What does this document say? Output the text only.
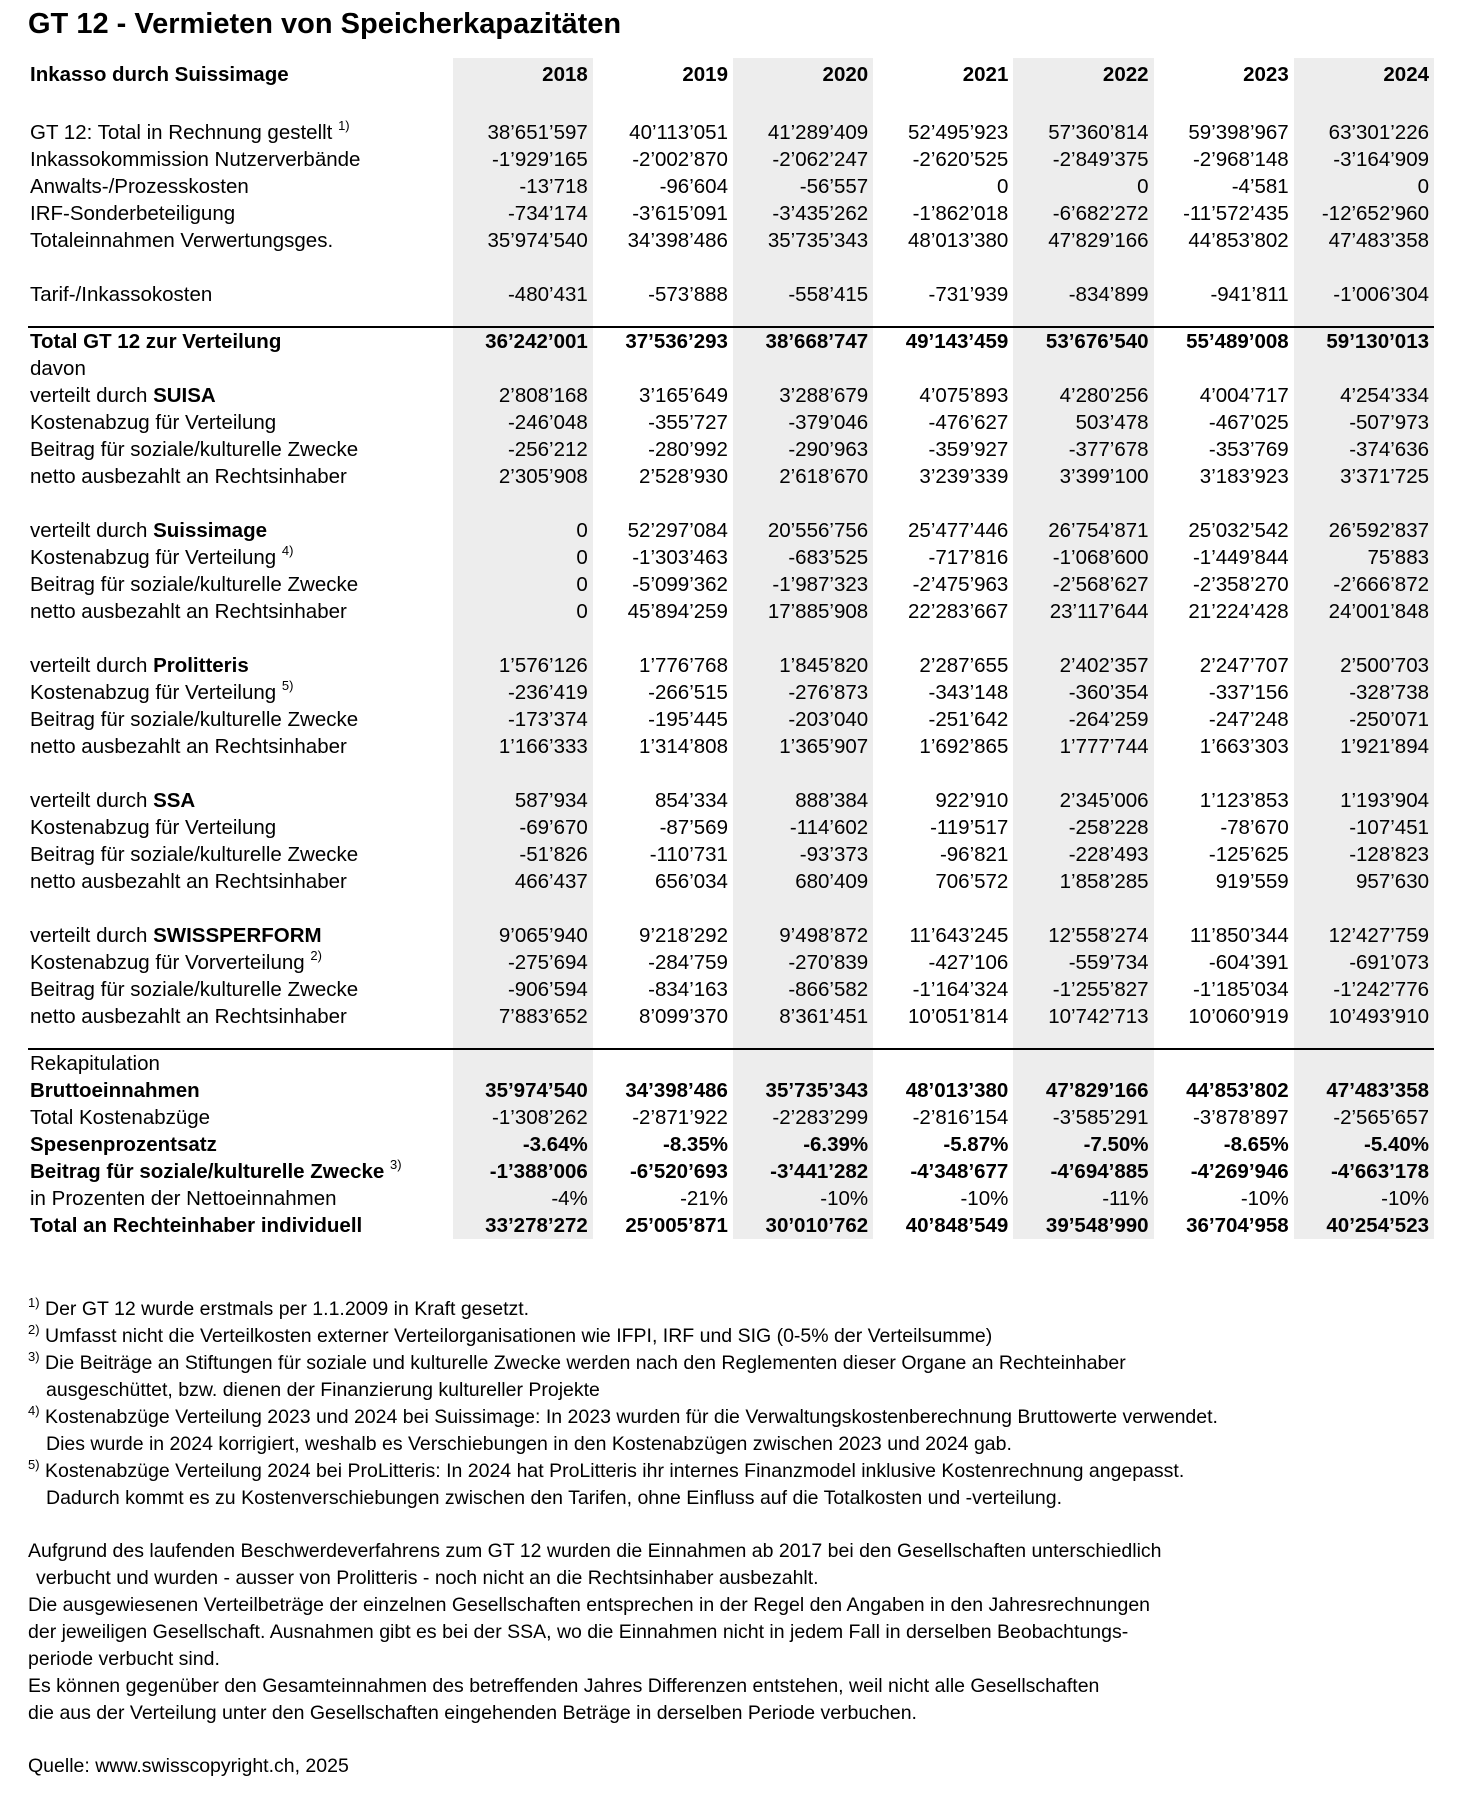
GT 12 - Vermieten von Speicherkapazitäten
Inkasso durch Suissimage	2018	2019	2020	2021	2022	2023	2024

GT 12: Total in Rechnung gestellt $^{1)}$	38’651’597	40’113’051	41’289’409	52’495’923	57’360’814	59’398’967	63’301’226
Inkassokommission Nutzerverbände	-1’929’165	-2’002’870	-2’062’247	-2’620’525	-2’849’375	-2’968’148	-3’164’909
Anwalts-/Prozesskosten	-13’718	-96’604	-56’557	0	0	-4’581	0
IRF-Sonderbeteiligung	-734’174	-3’615’091	-3’435’262	-1’862’018	-6’682’272	-11’572’435	-12’652’960
Totaleinnahmen Verwertungsges.	35’974’540	34’398’486	35’735’343	48’013’380	47’829’166	44’853’802	47’483’358

Tarif-/Inkassokosten	-480’431	-573’888	-558’415	-731’939	-834’899	-941’811	-1’006’304

Total GT 12 zur Verteilung	36’242’001	37’536’293	38’668’747	49’143’459	53’676’540	55’489’008	59’130’013
davon							
verteilt durch SUISA	2’808’168	3’165’649	3’288’679	4’075’893	4’280’256	4’004’717	4’254’334
Kostenabzug für Verteilung	-246’048	-355’727	-379’046	-476’627	503’478	-467’025	-507’973
Beitrag für soziale/kulturelle Zwecke	-256’212	-280’992	-290’963	-359’927	-377’678	-353’769	-374’636
netto ausbezahlt an Rechtsinhaber	2’305’908	2’528’930	2’618’670	3’239’339	3’399’100	3’183’923	3’371’725

verteilt durch Suissimage	0	52’297’084	20’556’756	25’477’446	26’754’871	25’032’542	26’592’837
Kostenabzug für Verteilung $^{4)}$	0	-1’303’463	-683’525	-717’816	-1’068’600	-1’449’844	75’883
Beitrag für soziale/kulturelle Zwecke	0	-5’099’362	-1’987’323	-2’475’963	-2’568’627	-2’358’270	-2’666’872
netto ausbezahlt an Rechtsinhaber	0	45’894’259	17’885’908	22’283’667	23’117’644	21’224’428	24’001’848

verteilt durch Prolitteris	1’576’126	1’776’768	1’845’820	2’287’655	2’402’357	2’247’707	2’500’703
Kostenabzug für Verteilung $^{5)}$	-236’419	-266’515	-276’873	-343’148	-360’354	-337’156	-328’738
Beitrag für soziale/kulturelle Zwecke	-173’374	-195’445	-203’040	-251’642	-264’259	-247’248	-250’071
netto ausbezahlt an Rechtsinhaber	1’166’333	1’314’808	1’365’907	1’692’865	1’777’744	1’663’303	1’921’894

verteilt durch SSA	587’934	854’334	888’384	922’910	2’345’006	1’123’853	1’193’904
Kostenabzug für Verteilung	-69’670	-87’569	-114’602	-119’517	-258’228	-78’670	-107’451
Beitrag für soziale/kulturelle Zwecke	-51’826	-110’731	-93’373	-96’821	-228’493	-125’625	-128’823
netto ausbezahlt an Rechtsinhaber	466’437	656’034	680’409	706’572	1’858’285	919’559	957’630

verteilt durch SWISSPERFORM	9’065’940	9’218’292	9’498’872	11’643’245	12’558’274	11’850’344	12’427’759
Kostenabzug für Vorverteilung $^{2)}$	-275’694	-284’759	-270’839	-427’106	-559’734	-604’391	-691’073
Beitrag für soziale/kulturelle Zwecke	-906’594	-834’163	-866’582	-1’164’324	-1’255’827	-1’185’034	-1’242’776
netto ausbezahlt an Rechtsinhaber	7’883’652	8’099’370	8’361’451	10’051’814	10’742’713	10’060’919	10’493’910

Rekapitulation							
Bruttoeinnahmen	35’974’540	34’398’486	35’735’343	48’013’380	47’829’166	44’853’802	47’483’358
Total Kostenabzüge	-1’308’262	-2’871’922	-2’283’299	-2’816’154	-3’585’291	-3’878’897	-2’565’657
Spesenprozentsatz	-3.64%	-8.35%	-6.39%	-5.87%	-7.50%	-8.65%	-5.40%
Beitrag für soziale/kulturelle Zwecke $^{3)}$	-1’388’006	-6’520’693	-3’441’282	-4’348’677	-4’694’885	-4’269’946	-4’663’178
in Prozenten der Nettoeinnahmen	-4%	-21%	-10%	-10%	-11%	-10%	-10%
Total an Rechteinhaber individuell	33’278’272	25’005’871	30’010’762	40’848’549	39’548’990	36’704’958	40’254’523

$^{1)}$ Der GT 12 wurde erstmals per 1.1.2009 in Kraft gesetzt.

$^{2)}$ Umfasst nicht die Verteilkosten externer Verteilorganisationen wie IFPI, IRF und SIG (0-5% der Verteilsumme)

$^{3)}$ Die Beiträge an Stiftungen für soziale und kulturelle Zwecke werden nach den Reglementen dieser Organe an Rechteinhaber
ausgeschüttet, bzw. dienen der Finanzierung kultureller Projekte

$^{4)}$ Kostenabzüge Verteilung 2023 und 2024 bei Suissimage: In 2023 wurden für die Verwaltungskostenberechnung Bruttowerte verwendet.
Dies wurde in 2024 korrigiert, weshalb es Verschiebungen in den Kostenabzügen zwischen 2023 und 2024 gab.

$^{5)}$ Kostenabzüge Verteilung 2024 bei ProLitteris: In 2024 hat ProLitteris ihr internes Finanzmodel inklusive Kostenrechnung angepasst.
Dadurch kommt es zu Kostenverschiebungen zwischen den Tarifen, ohne Einfluss auf die Totalkosten und -verteilung.

Aufgrund des laufenden Beschwerdeverfahrens zum GT 12 wurden die Einnahmen ab 2017 bei den Gesellschaften unterschiedlich

verbucht und wurden - ausser von Prolitteris - noch nicht an die Rechtsinhaber ausbezahlt.

Die ausgewiesenen Verteilbeträge der einzelnen Gesellschaften entsprechen in der Regel den Angaben in den Jahresrechnungen

der jeweiligen Gesellschaft. Ausnahmen gibt es bei der SSA, wo die Einnahmen nicht in jedem Fall in derselben Beobachtungs-

periode verbucht sind.

Es können gegenüber den Gesamteinnahmen des betreffenden Jahres Differenzen entstehen, weil nicht alle Gesellschaften

die aus der Verteilung unter den Gesellschaften eingehenden Beträge in derselben Periode verbuchen.

Quelle: www.swisscopyright.ch, 2025
